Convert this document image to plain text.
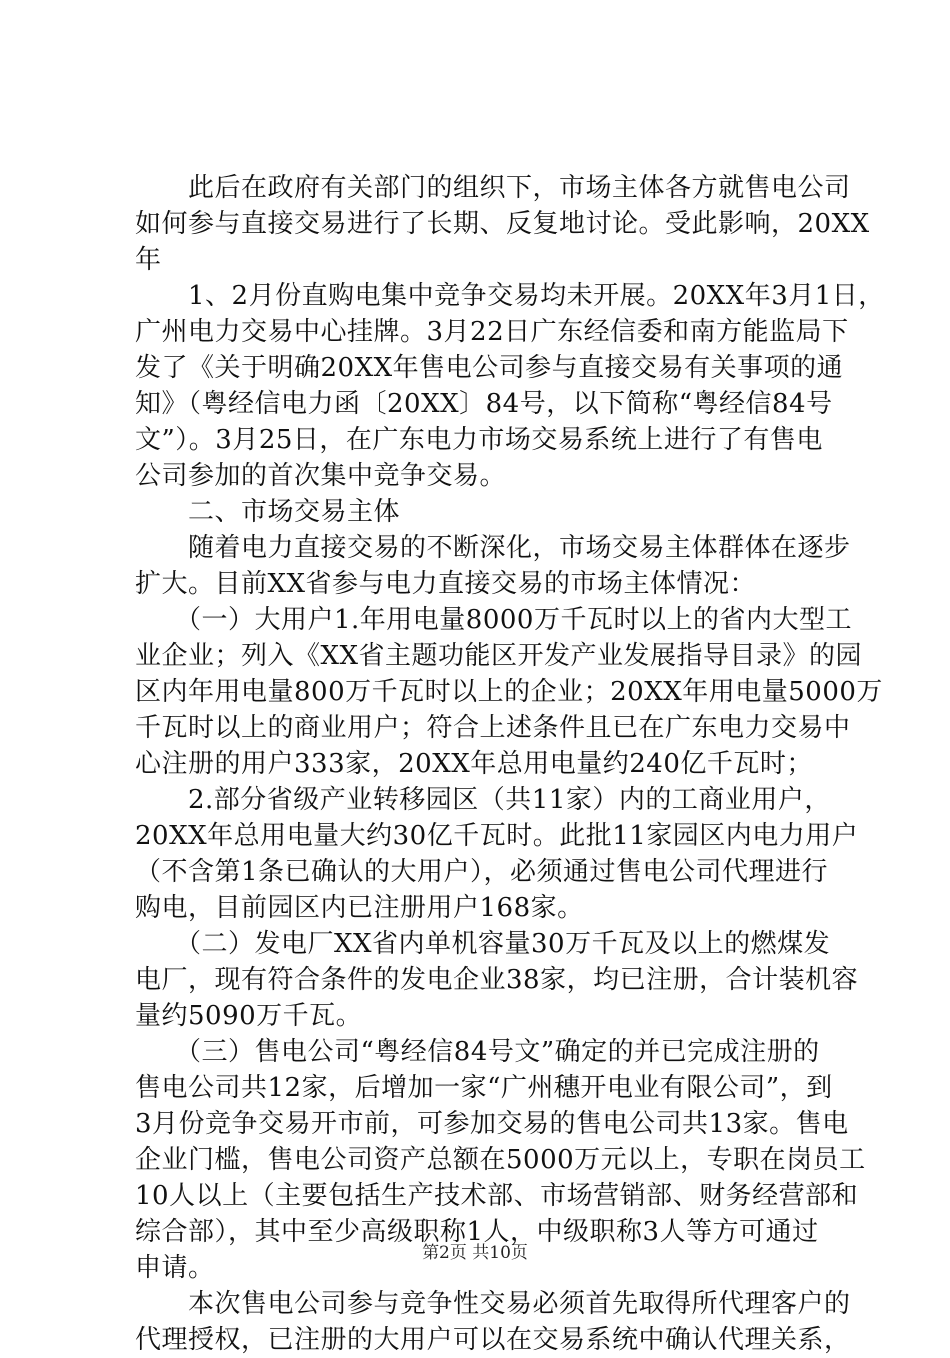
　　此后在政府有关部门的组织下，市场主体各方就售电公司
如何参与直接交易进行了长期、反复地讨论。受此影响，20XX
年
　　1、2月份直购电集中竞争交易均未开展。20XX年3月1日，
广州电力交易中心挂牌。3月22日广东经信委和南方能监局下
发了《关于明确20XX年售电公司参与直接交易有关事项的通
知》（粤经信电力函〔20XX〕84号，以下简称“粤经信84号
文”）。3月25日，在广东电力市场交易系统上进行了有售电
公司参加的首次集中竞争交易。
　　二、市场交易主体
　　随着电力直接交易的不断深化，市场交易主体群体在逐步
扩大。目前XX省参与电力直接交易的市场主体情况：
　　（一）大用户1.年用电量8000万千瓦时以上的省内大型工
业企业；列入《XX省主题功能区开发产业发展指导目录》的园
区内年用电量800万千瓦时以上的企业；20XX年用电量5000万
千瓦时以上的商业用户；符合上述条件且已在广东电力交易中
心注册的用户333家，20XX年总用电量约240亿千瓦时；
　　2.部分省级产业转移园区（共11家）内的工商业用户，
20XX年总用电量大约30亿千瓦时。此批11家园区内电力用户
（不含第1条已确认的大用户），必须通过售电公司代理进行
购电，目前园区内已注册用户168家。
　　（二）发电厂XX省内单机容量30万千瓦及以上的燃煤发
电厂，现有符合条件的发电企业38家，均已注册，合计装机容
量约5090万千瓦。
　　（三）售电公司“粤经信84号文”确定的并已完成注册的
售电公司共12家，后增加一家“广州穗开电业有限公司”，到
3月份竞争交易开市前，可参加交易的售电公司共13家。售电
企业门槛，售电公司资产总额在5000万元以上，专职在岗员工
10人以上（主要包括生产技术部、市场营销部、财务经营部和
综合部），其中至少高级职称1人，中级职称3人等方可通过
申请。
　　本次售电公司参与竞争性交易必须首先取得所代理客户的
代理授权，已注册的大用户可以在交易系统中确认代理关系，
第2页 共10页
